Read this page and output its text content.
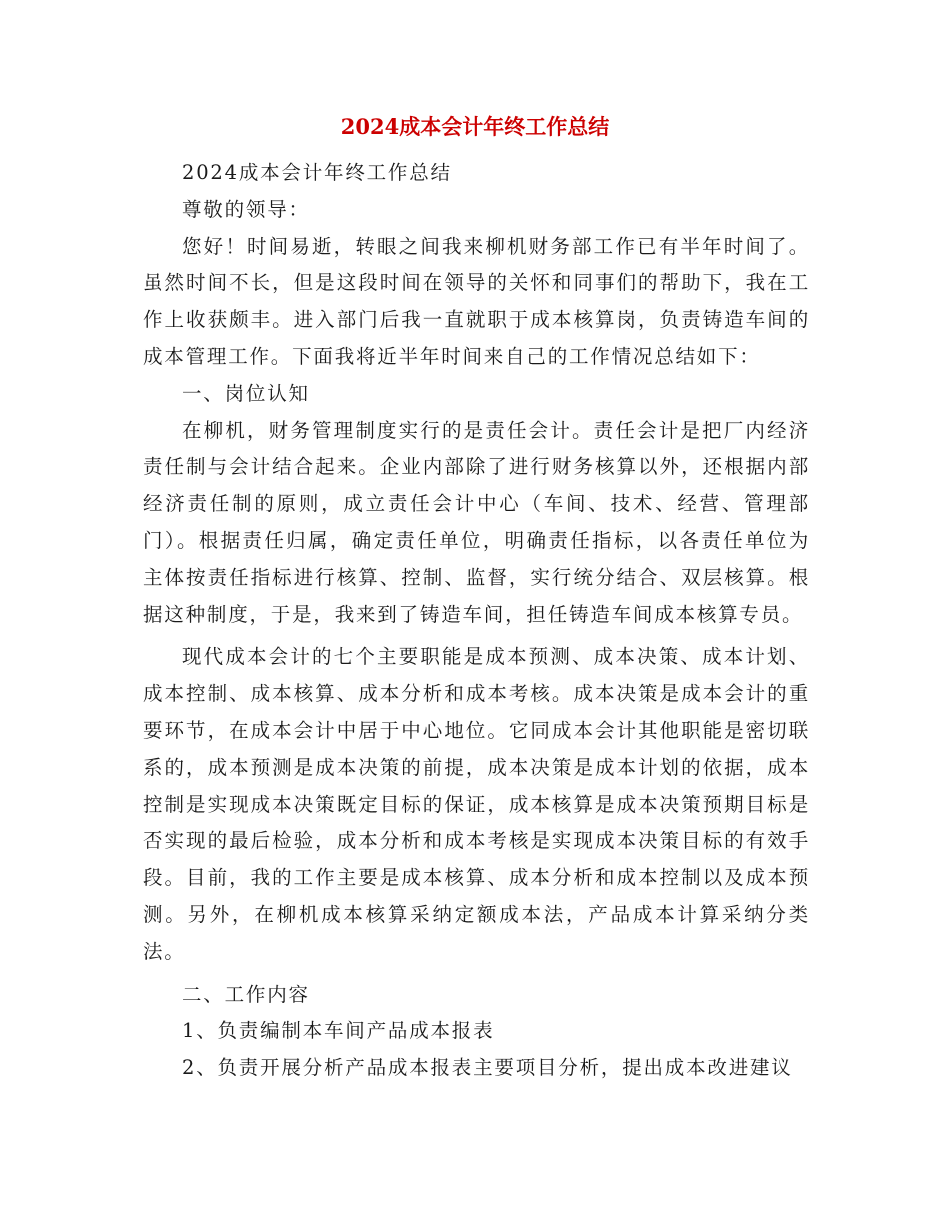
2024成本会计年终工作总结

2024成本会计年终工作总结

尊敬的领导：

您好！时间易逝，转眼之间我来柳机财务部工作已有半年时间了。虽然时间不长，但是这段时间在领导的关怀和同事们的帮助下，我在工作上收获颇丰。进入部门后我一直就职于成本核算岗，负责铸造车间的成本管理工作。下面我将近半年时间来自己的工作情况总结如下：

一、岗位认知

在柳机，财务管理制度实行的是责任会计。责任会计是把厂内经济责任制与会计结合起来。企业内部除了进行财务核算以外，还根据内部经济责任制的原则，成立责任会计中心（车间、技术、经营、管理部门）。根据责任归属，确定责任单位，明确责任指标，以各责任单位为主体按责任指标进行核算、控制、监督，实行统分结合、双层核算。根据这种制度，于是，我来到了铸造车间，担任铸造车间成本核算专员。

现代成本会计的七个主要职能是成本预测、成本决策、成本计划、成本控制、成本核算、成本分析和成本考核。成本决策是成本会计的重要环节，在成本会计中居于中心地位。它同成本会计其他职能是密切联系的，成本预测是成本决策的前提，成本决策是成本计划的依据，成本控制是实现成本决策既定目标的保证，成本核算是成本决策预期目标是否实现的最后检验，成本分析和成本考核是实现成本决策目标的有效手段。目前，我的工作主要是成本核算、成本分析和成本控制以及成本预测。另外，在柳机成本核算采纳定额成本法，产品成本计算采纳分类法。

二、工作内容

1、负责编制本车间产品成本报表

2、负责开展分析产品成本报表主要项目分析，提出成本改进建议
